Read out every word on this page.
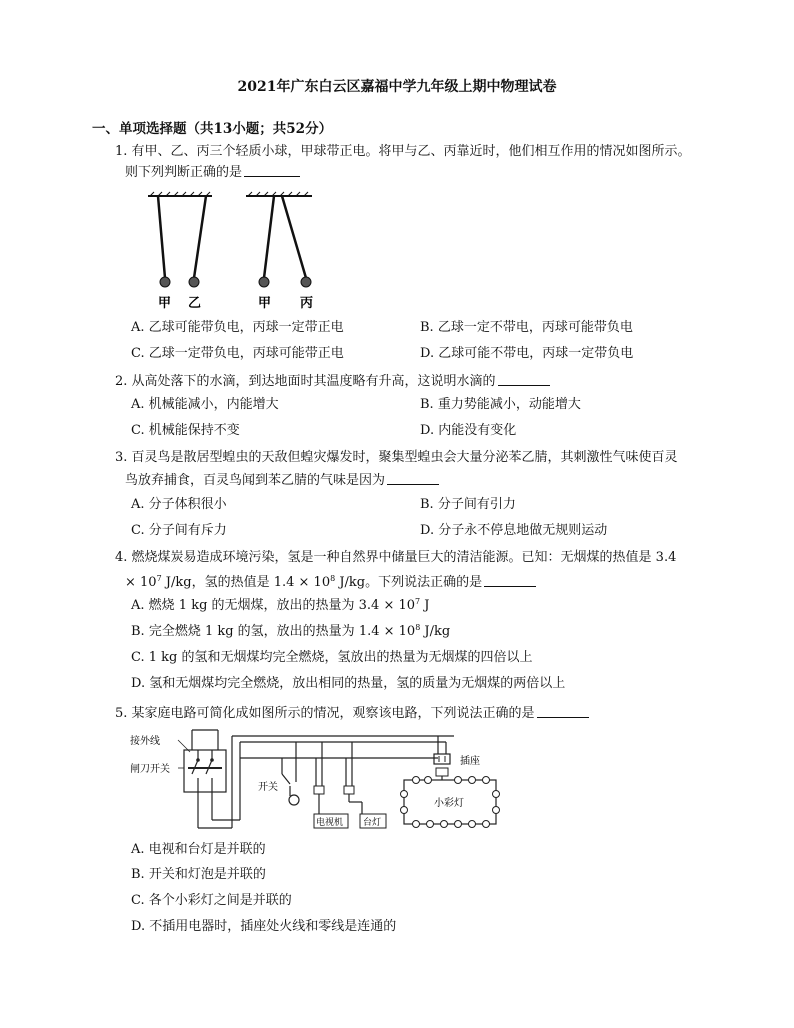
2021年广东白云区嘉福中学九年级上期中物理试卷
一、单项选择题（共13小题；共52分）
1. 有甲、乙、丙三个轻质小球，甲球带正电。将甲与乙、丙靠近时，他们相互作用的情况如图所示。
则下列判断正确的是
甲 乙	甲 丙
A. 乙球可能带负电，丙球一定带正电	B. 乙球一定不带电，丙球可能带负电
C. 乙球一定带负电，丙球可能带正电	D. 乙球可能不带电，丙球一定带负电
2. 从高处落下的水滴，到达地面时其温度略有升高，这说明水滴的
A. 机械能减小，内能增大	B. 重力势能减小，动能增大
C. 机械能保持不变	D. 内能没有变化
3. 百灵鸟是散居型蝗虫的天敌但蝗灾爆发时，聚集型蝗虫会大量分泌苯乙腈，其刺激性气味使百灵
鸟放弃捕食，百灵鸟闻到苯乙腈的气味是因为
A. 分子体积很小	B. 分子间有引力
C. 分子间有斥力	D. 分子永不停息地做无规则运动
4. 燃烧煤炭易造成环境污染，氢是一种自然界中储量巨大的清洁能源。已知：无烟煤的热值是 3.4
× $10^7$ J/kg，氢的热值是 $1.4 \times 10^8$ J/kg。下列说法正确的是
A. 燃烧 1 kg 的无烟煤，放出的热量为 $3.4 \times 10^7$ J
B. 完全燃烧 1 kg 的氢，放出的热量为 $1.4 \times 10^8$ J/kg
C. 1 kg 的氢和无烟煤均完全燃烧，氢放出的热量为无烟煤的四倍以上
D. 氢和无烟煤均完全燃烧，放出相同的热量，氢的质量为无烟煤的两倍以上
5. 某家庭电路可简化成如图所示的情况，观察该电路，下列说法正确的是
接外线
闸刀开关
开关
电视机 台灯
插座
小彩灯
A. 电视和台灯是并联的
B. 开关和灯泡是并联的
C. 各个小彩灯之间是并联的
D. 不插用电器时，插座处火线和零线是连通的
